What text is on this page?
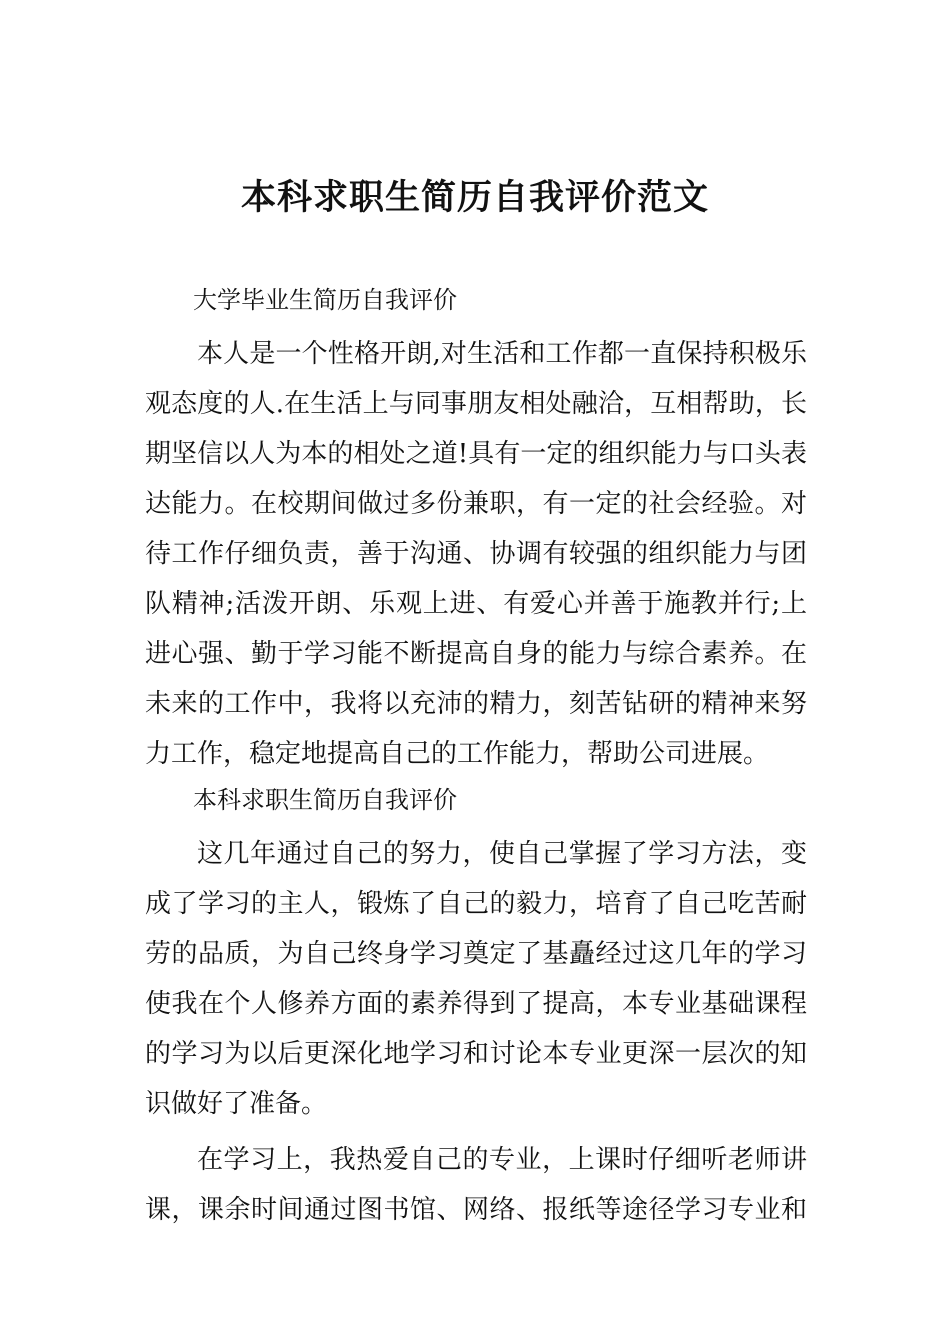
本科求职生简历自我评价范文

大学毕业生简历自我评价

本人是一个性格开朗,对生活和工作都一直保持积极乐
观态度的人.在生活上与同事朋友相处融洽，互相帮助，长
期坚信以人为本的相处之道!具有一定的组织能力与口头表
达能力。在校期间做过多份兼职，有一定的社会经验。对
待工作仔细负责，善于沟通、协调有较强的组织能力与团
队精神;活泼开朗、乐观上进、有爱心并善于施教并行;上
进心强、勤于学习能不断提高自身的能力与综合素养。在
未来的工作中，我将以充沛的精力，刻苦钻研的精神来努
力工作，稳定地提高自己的工作能力，帮助公司进展。

本科求职生简历自我评价

这几年通过自己的努力，使自己掌握了学习方法，变
成了学习的主人，锻炼了自己的毅力，培育了自己吃苦耐
劳的品质，为自己终身学习奠定了基矗经过这几年的学习
使我在个人修养方面的素养得到了提高，本专业基础课程
的学习为以后更深化地学习和讨论本专业更深一层次的知
识做好了准备。

在学习上，我热爱自己的专业，上课时仔细听老师讲
课，课余时间通过图书馆、网络、报纸等途径学习专业和
